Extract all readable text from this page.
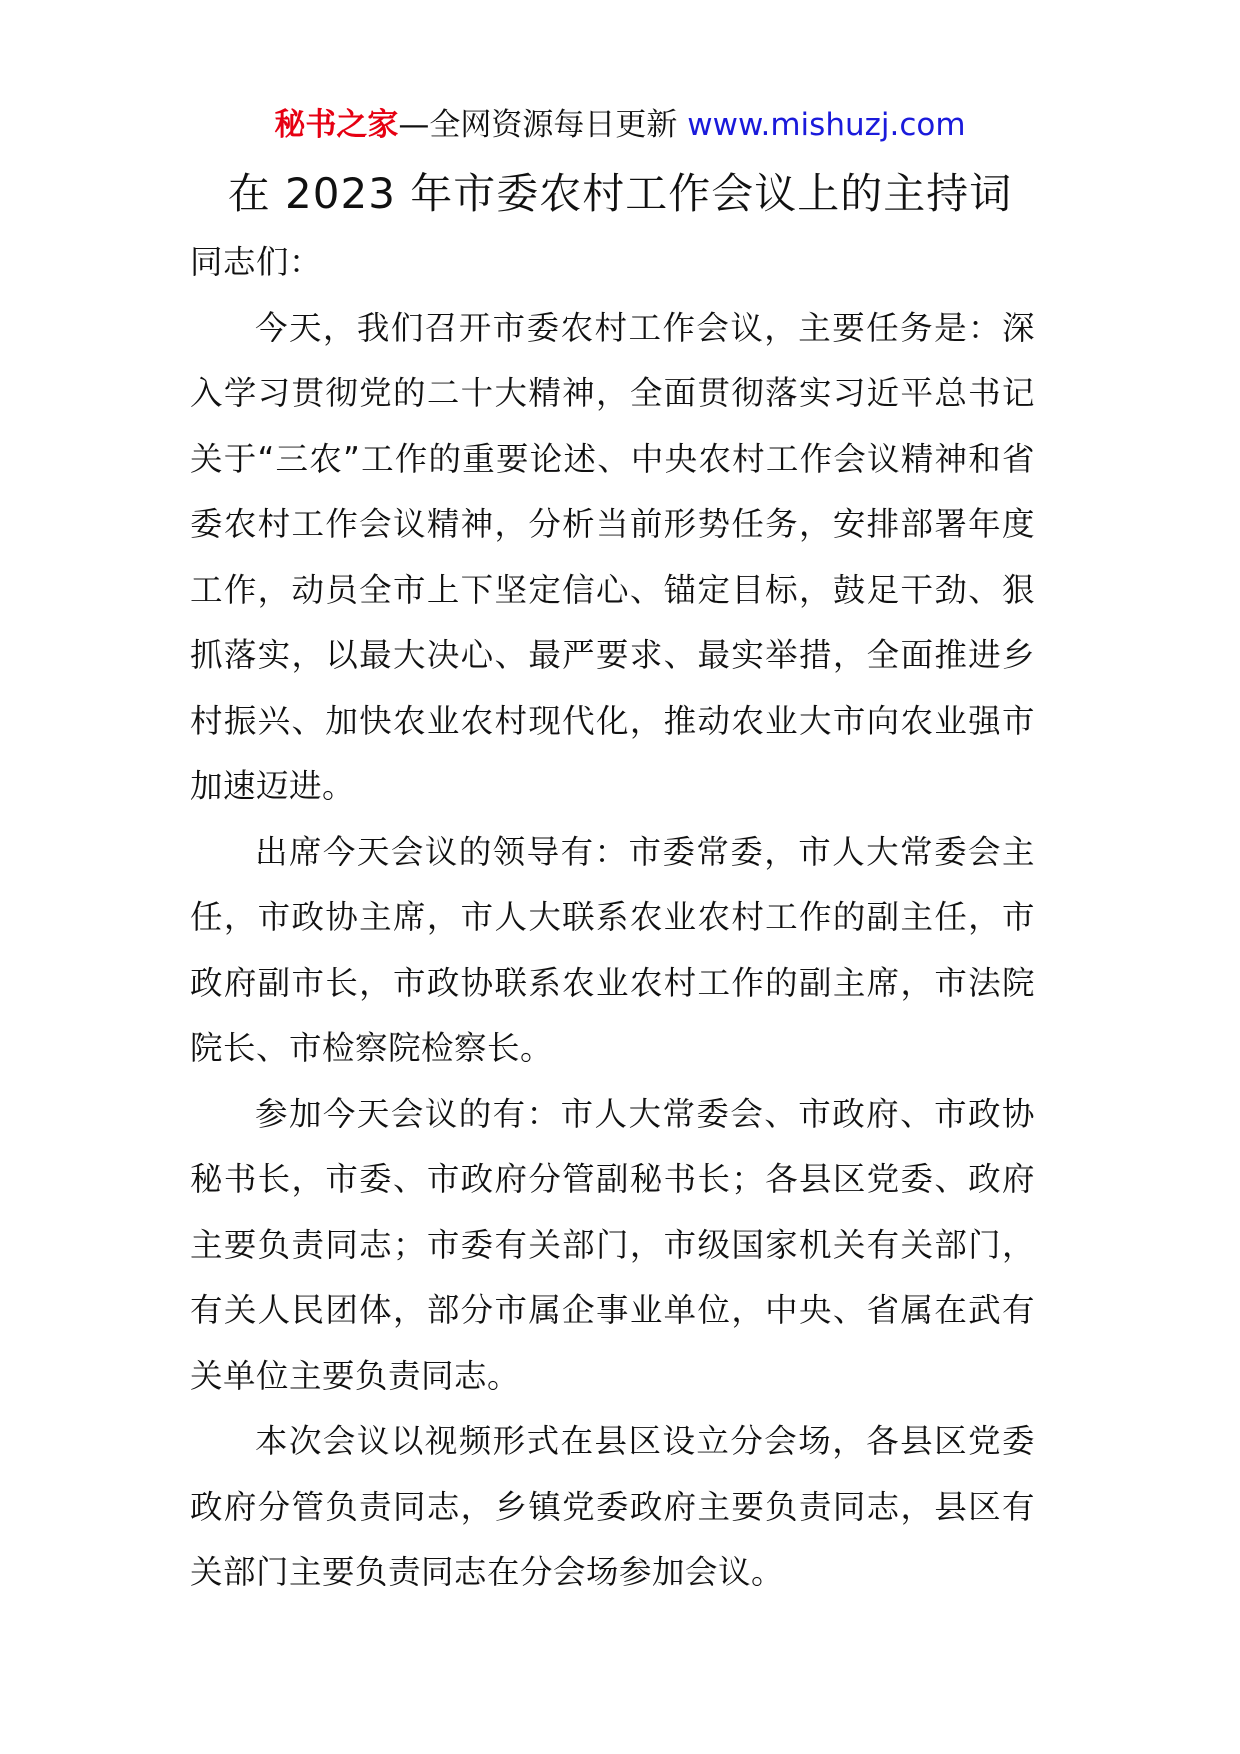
秘书之家—全网资源每日更新 www.mishuzj.com
在 2023 年市委农村工作会议上的主持词

同志们：

今天，我们召开市委农村工作会议，主要任务是：深入学习贯彻党的二十大精神，全面贯彻落实习近平总书记关于“三农”工作的重要论述、中央农村工作会议精神和省委农村工作会议精神，分析当前形势任务，安排部署年度工作，动员全市上下坚定信心、锚定目标，鼓足干劲、狠抓落实，以最大决心、最严要求、最实举措，全面推进乡村振兴、加快农业农村现代化，推动农业大市向农业强市加速迈进。

出席今天会议的领导有：市委常委，市人大常委会主任，市政协主席，市人大联系农业农村工作的副主任，市政府副市长，市政协联系农业农村工作的副主席，市法院院长、市检察院检察长。

参加今天会议的有：市人大常委会、市政府、市政协秘书长，市委、市政府分管副秘书长；各县区党委、政府主要负责同志；市委有关部门，市级国家机关有关部门，有关人民团体，部分市属企事业单位，中央、省属在武有关单位主要负责同志。

本次会议以视频形式在县区设立分会场，各县区党委政府分管负责同志，乡镇党委政府主要负责同志，县区有关部门主要负责同志在分会场参加会议。
